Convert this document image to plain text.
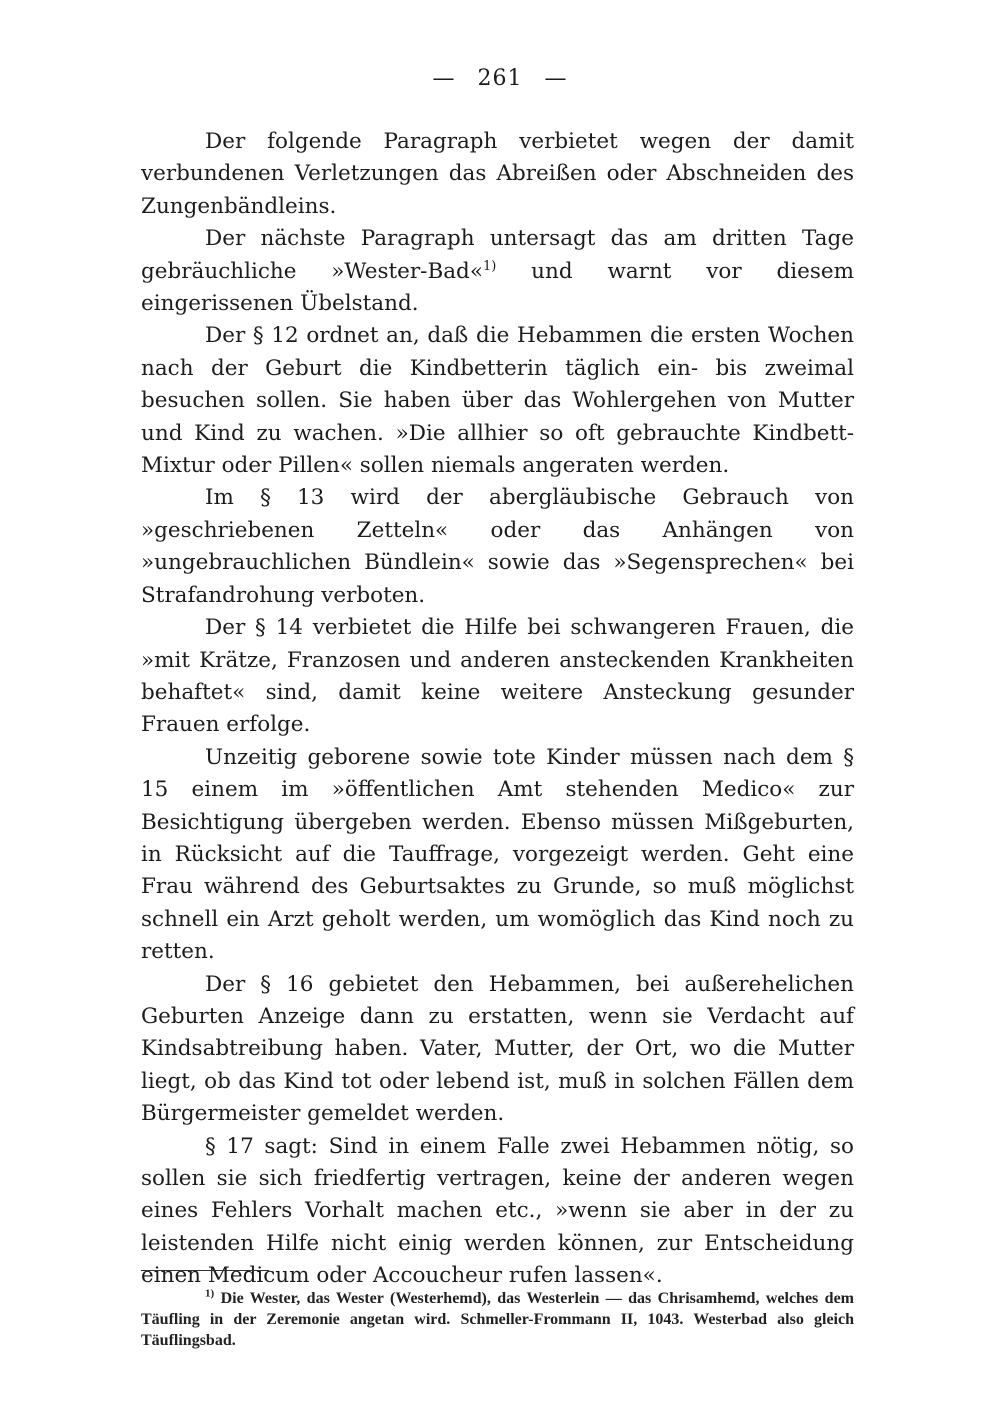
— 261 —

Der folgende Paragraph verbietet wegen der damit verbundenen Verletzungen das Abreißen oder Abschneiden des Zungenbändleins.

Der nächste Paragraph untersagt das am dritten Tage gebräuchliche »Wester-Bad«$^{1)}$ und warnt vor diesem eingerissenen Übelstand.

Der § 12 ordnet an, daß die Hebammen die ersten Wochen nach der Geburt die Kindbetterin täglich ein- bis zweimal besuchen sollen. Sie haben über das Wohlergehen von Mutter und Kind zu wachen. »Die allhier so oft gebrauchte Kindbett-Mixtur oder Pillen« sollen niemals angeraten werden.

Im § 13 wird der abergläubische Gebrauch von »geschriebenen Zetteln« oder das Anhängen von »ungebrauchlichen Bündlein« sowie das »Segensprechen« bei Strafandrohung verboten.

Der § 14 verbietet die Hilfe bei schwangeren Frauen, die »mit Krätze, Franzosen und anderen ansteckenden Krankheiten behaftet« sind, damit keine weitere Ansteckung gesunder Frauen erfolge.

Unzeitig geborene sowie tote Kinder müssen nach dem § 15 einem im »öffentlichen Amt stehenden Medico« zur Besichtigung übergeben werden. Ebenso müssen Mißgeburten, in Rücksicht auf die Tauffrage, vorgezeigt werden. Geht eine Frau während des Geburtsaktes zu Grunde, so muß möglichst schnell ein Arzt geholt werden, um womöglich das Kind noch zu retten.

Der § 16 gebietet den Hebammen, bei außerehelichen Geburten Anzeige dann zu erstatten, wenn sie Verdacht auf Kindsabtreibung haben. Vater, Mutter, der Ort, wo die Mutter liegt, ob das Kind tot oder lebend ist, muß in solchen Fällen dem Bürgermeister gemeldet werden.

§ 17 sagt: Sind in einem Falle zwei Hebammen nötig, so sollen sie sich friedfertig vertragen, keine der anderen wegen eines Fehlers Vorhalt machen etc., »wenn sie aber in der zu leistenden Hilfe nicht einig werden können, zur Entscheidung einen Medicum oder Accoucheur rufen lassen«.

$^{1)}$ Die Wester, das Wester (Westerhemd), das Westerlein — das Chrisamhemd, welches dem Täufling in der Zeremonie angetan wird. Schmeller-Frommann II, 1043. Westerbad also gleich Täuflingsbad.
